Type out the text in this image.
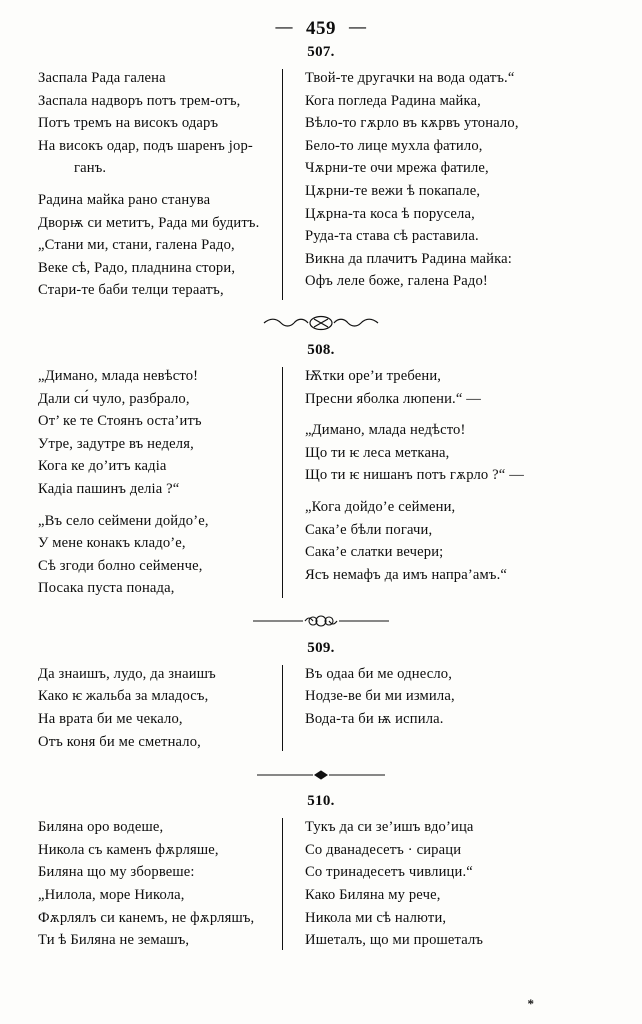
— 459 —
507.
Заспала Рада галена
Заспала надворъ потъ трем-отъ,
Потъ тремъ на високъ одаръ
На високъ одар, подъ шаренъ jор-
ганъ.
Радина майка рано станува
Дворѭ си метитъ, Рада ми будитъ.
„Стани ми, стани, галена Радо,
Веке сѣ, Радо, пладнина стори,
Стари-те баби телци тераатъ,
Твой-те другачки на вода одатъ.“
Кога погледа Радина майка,
Вѣло-то гѫрло въ кѫрвъ утонало,
Бело-то лице мухла фатило,
Чѫрни-те очи мрежа фатиле,
Цѫрни-те вежи ѣ покапале,
Цѫрна-та коса ѣ порусела,
Руда-та става сѣ раставила.
Викна да плачитъ Радина майка:
Офъ леле боже, галена Радо!
508.
„Димано, млада невѣсто!
Дали си́ чуло, разбрало,
От’ ке те Стоянъ оста’итъ
Утре, задутре въ неделя,
Кога ке до’итъ кадiа
Кадiа пашинъ делiа ?“
„Въ село сеймени дойдо’е,
У мене конакъ кладо’е,
Сѣ згоди болно сейменче,
Посака пуста понада,
Ѭтки оре’и требени,
Пресни яболка люпени.“ —
„Димано, млада недѣсто!
Що ти ѥ леса меткана,
Що ти ѥ нишанъ потъ гѫрло ?“ —
„Кога дойдо’е сеймени,
Сака’е бѣли погачи,
Сака’е слатки вечери;
Ясъ немафъ да имъ напра’амъ.“
509.
Да знаишъ, лудо, да знаишъ
Како ѥ жальба за младосъ,
На врата би ме чекало,
Отъ коня би ме сметнало,
Въ одаа би ме однесло,
Нодзе-ве би ми измила,
Вода-та би ѭ испила.
510.
Биляна оро водеше,
Никола съ каменъ фѫрляше,
Биляна що му зборвеше:
„Нилола, море Никола,
Фѫрлялъ си канемъ, не фѫрляшъ,
Ти ѣ Биляна не земашъ,
Тукъ да си зе’ишъ вдо’ица
Со дванадесетъ · сираци
Со тринадесетъ чивлици.“
Како Биляна му рече,
Никола ми сѣ налюти,
Ишеталъ, що ми прошеталъ
*
